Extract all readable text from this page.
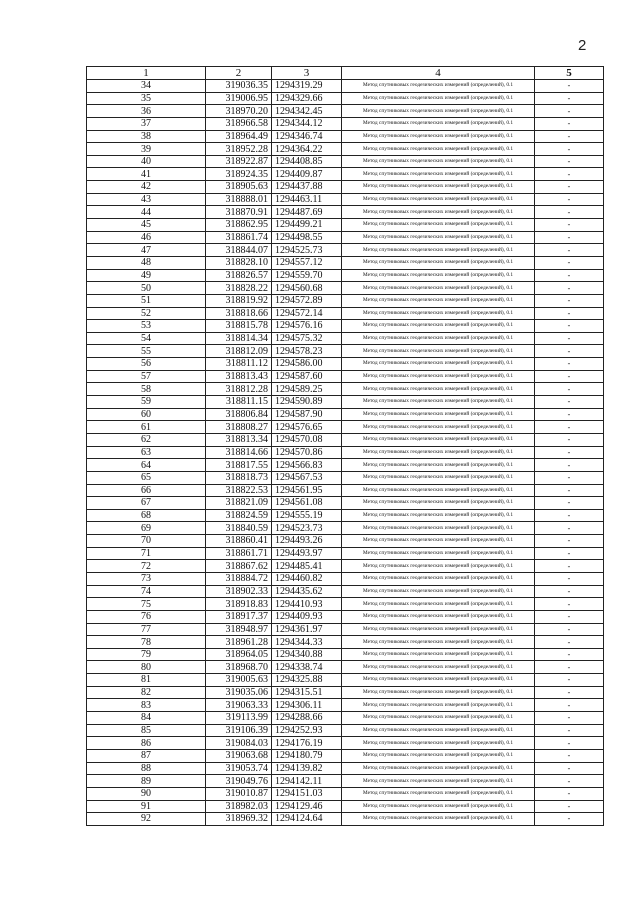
2
1	2	3	4	5
34	319036.35	1294319.29	Метод спутниковых геодезических измерений (определений), 0.1	-
35	319006.95	1294329.66	Метод спутниковых геодезических измерений (определений), 0.1	-
36	318970.20	1294342.45	Метод спутниковых геодезических измерений (определений), 0.1	-
37	318966.58	1294344.12	Метод спутниковых геодезических измерений (определений), 0.1	-
38	318964.49	1294346.74	Метод спутниковых геодезических измерений (определений), 0.1	-
39	318952.28	1294364.22	Метод спутниковых геодезических измерений (определений), 0.1	-
40	318922.87	1294408.85	Метод спутниковых геодезических измерений (определений), 0.1	-
41	318924.35	1294409.87	Метод спутниковых геодезических измерений (определений), 0.1	-
42	318905.63	1294437.88	Метод спутниковых геодезических измерений (определений), 0.1	-
43	318888.01	1294463.11	Метод спутниковых геодезических измерений (определений), 0.1	-
44	318870.91	1294487.69	Метод спутниковых геодезических измерений (определений), 0.1	-
45	318862.95	1294499.21	Метод спутниковых геодезических измерений (определений), 0.1	-
46	318861.74	1294498.55	Метод спутниковых геодезических измерений (определений), 0.1	-
47	318844.07	1294525.73	Метод спутниковых геодезических измерений (определений), 0.1	-
48	318828.10	1294557.12	Метод спутниковых геодезических измерений (определений), 0.1	-
49	318826.57	1294559.70	Метод спутниковых геодезических измерений (определений), 0.1	-
50	318828.22	1294560.68	Метод спутниковых геодезических измерений (определений), 0.1	-
51	318819.92	1294572.89	Метод спутниковых геодезических измерений (определений), 0.1	-
52	318818.66	1294572.14	Метод спутниковых геодезических измерений (определений), 0.1	-
53	318815.78	1294576.16	Метод спутниковых геодезических измерений (определений), 0.1	-
54	318814.34	1294575.32	Метод спутниковых геодезических измерений (определений), 0.1	-
55	318812.09	1294578.23	Метод спутниковых геодезических измерений (определений), 0.1	-
56	318811.12	1294586.00	Метод спутниковых геодезических измерений (определений), 0.1	-
57	318813.43	1294587.60	Метод спутниковых геодезических измерений (определений), 0.1	-
58	318812.28	1294589.25	Метод спутниковых геодезических измерений (определений), 0.1	-
59	318811.15	1294590.89	Метод спутниковых геодезических измерений (определений), 0.1	-
60	318806.84	1294587.90	Метод спутниковых геодезических измерений (определений), 0.1	-
61	318808.27	1294576.65	Метод спутниковых геодезических измерений (определений), 0.1	-
62	318813.34	1294570.08	Метод спутниковых геодезических измерений (определений), 0.1	-
63	318814.66	1294570.86	Метод спутниковых геодезических измерений (определений), 0.1	-
64	318817.55	1294566.83	Метод спутниковых геодезических измерений (определений), 0.1	-
65	318818.73	1294567.53	Метод спутниковых геодезических измерений (определений), 0.1	-
66	318822.53	1294561.95	Метод спутниковых геодезических измерений (определений), 0.1	-
67	318821.09	1294561.08	Метод спутниковых геодезических измерений (определений), 0.1	-
68	318824.59	1294555.19	Метод спутниковых геодезических измерений (определений), 0.1	-
69	318840.59	1294523.73	Метод спутниковых геодезических измерений (определений), 0.1	-
70	318860.41	1294493.26	Метод спутниковых геодезических измерений (определений), 0.1	-
71	318861.71	1294493.97	Метод спутниковых геодезических измерений (определений), 0.1	-
72	318867.62	1294485.41	Метод спутниковых геодезических измерений (определений), 0.1	-
73	318884.72	1294460.82	Метод спутниковых геодезических измерений (определений), 0.1	-
74	318902.33	1294435.62	Метод спутниковых геодезических измерений (определений), 0.1	-
75	318918.83	1294410.93	Метод спутниковых геодезических измерений (определений), 0.1	-
76	318917.37	1294409.93	Метод спутниковых геодезических измерений (определений), 0.1	-
77	318948.97	1294361.97	Метод спутниковых геодезических измерений (определений), 0.1	-
78	318961.28	1294344.33	Метод спутниковых геодезических измерений (определений), 0.1	-
79	318964.05	1294340.88	Метод спутниковых геодезических измерений (определений), 0.1	-
80	318968.70	1294338.74	Метод спутниковых геодезических измерений (определений), 0.1	-
81	319005.63	1294325.88	Метод спутниковых геодезических измерений (определений), 0.1	-
82	319035.06	1294315.51	Метод спутниковых геодезических измерений (определений), 0.1	-
83	319063.33	1294306.11	Метод спутниковых геодезических измерений (определений), 0.1	-
84	319113.99	1294288.66	Метод спутниковых геодезических измерений (определений), 0.1	-
85	319106.39	1294252.93	Метод спутниковых геодезических измерений (определений), 0.1	-
86	319084.03	1294176.19	Метод спутниковых геодезических измерений (определений), 0.1	-
87	319063.68	1294180.79	Метод спутниковых геодезических измерений (определений), 0.1	-
88	319053.74	1294139.82	Метод спутниковых геодезических измерений (определений), 0.1	-
89	319049.76	1294142.11	Метод спутниковых геодезических измерений (определений), 0.1	-
90	319010.87	1294151.03	Метод спутниковых геодезических измерений (определений), 0.1	-
91	318982.03	1294129.46	Метод спутниковых геодезических измерений (определений), 0.1	-
92	318969.32	1294124.64	Метод спутниковых геодезических измерений (определений), 0.1	-
